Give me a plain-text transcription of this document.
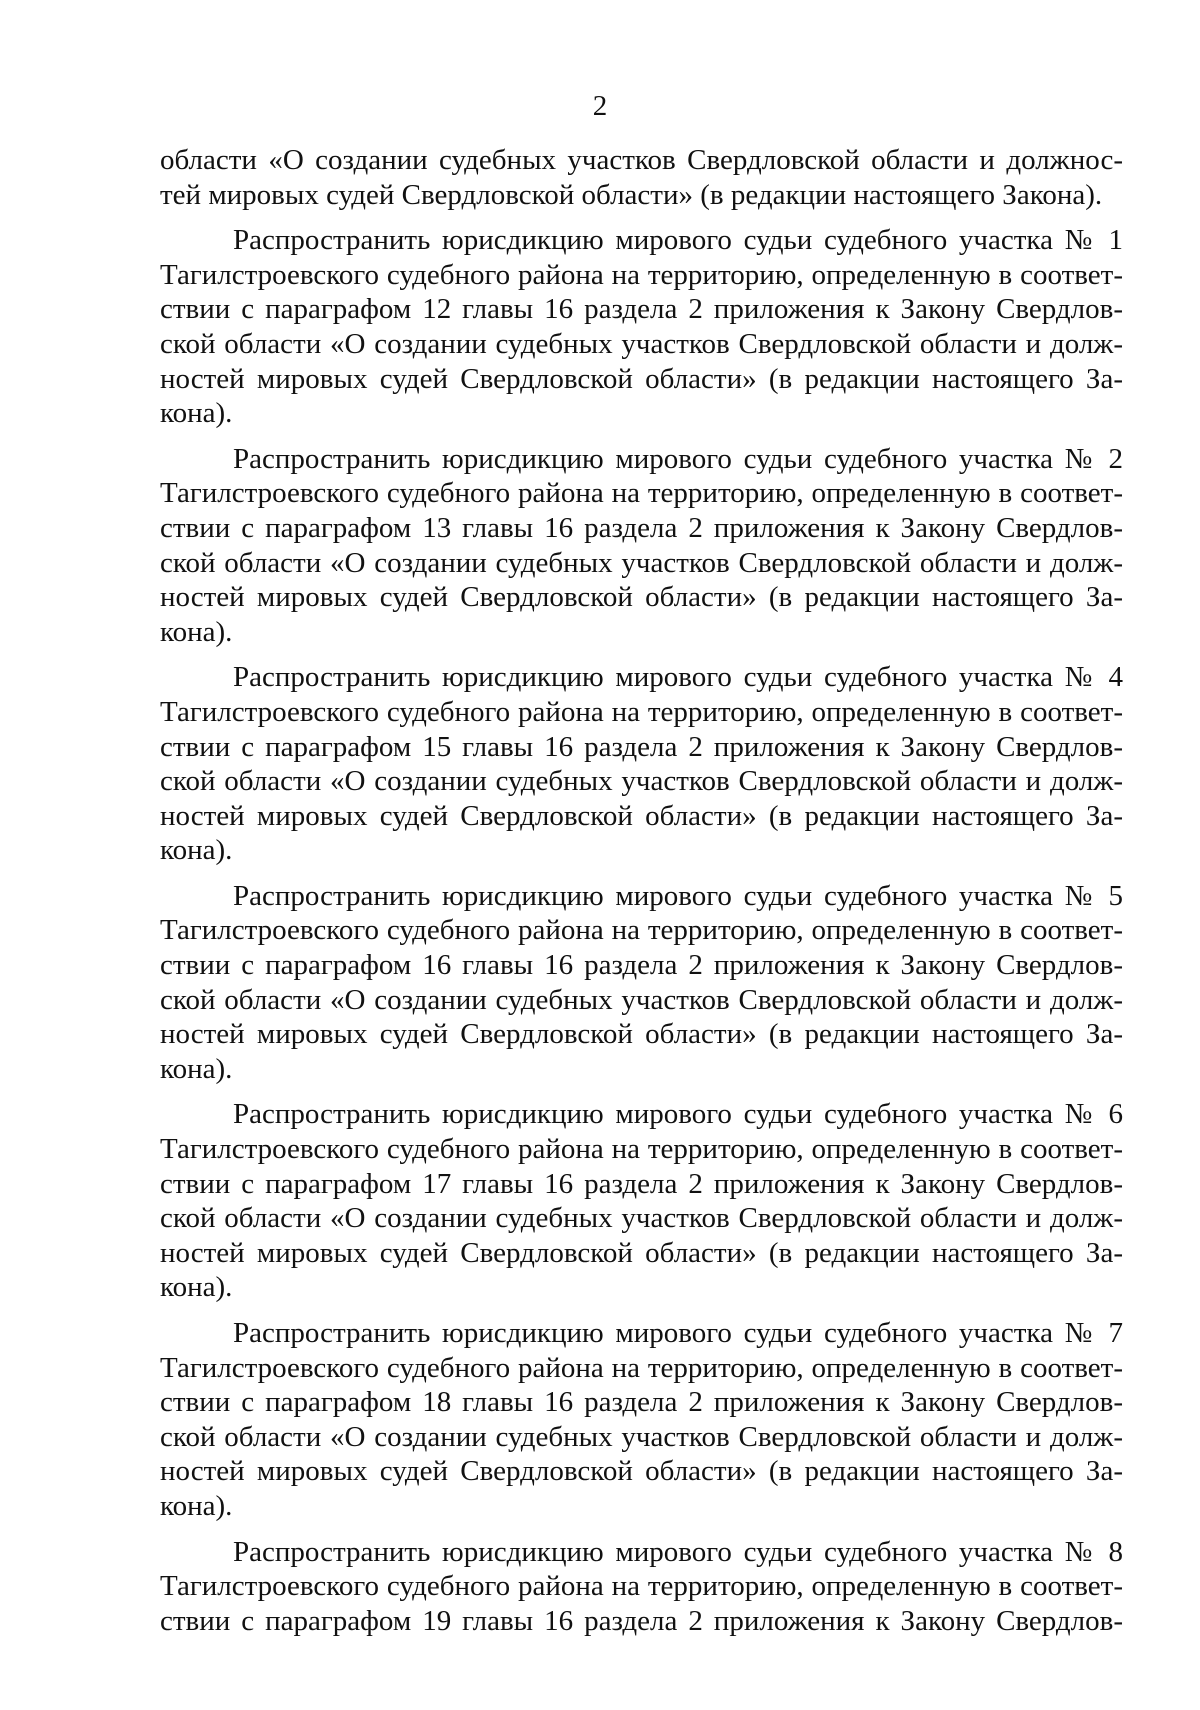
2

области «О создании судебных участков Свердловской области и должнос-
тей мировых судей Свердловской области» (в редакции настоящего Закона).

Распространить юрисдикцию мирового судьи судебного участка № 1
Тагилстроевского судебного района на территорию, определенную в соответ-
ствии с параграфом 12 главы 16 раздела 2 приложения к Закону Свердлов-
ской области «О создании судебных участков Свердловской области и долж-
ностей мировых судей Свердловской области» (в редакции настоящего За-
кона).

Распространить юрисдикцию мирового судьи судебного участка № 2
Тагилстроевского судебного района на территорию, определенную в соответ-
ствии с параграфом 13 главы 16 раздела 2 приложения к Закону Свердлов-
ской области «О создании судебных участков Свердловской области и долж-
ностей мировых судей Свердловской области» (в редакции настоящего За-
кона).

Распространить юрисдикцию мирового судьи судебного участка № 4
Тагилстроевского судебного района на территорию, определенную в соответ-
ствии с параграфом 15 главы 16 раздела 2 приложения к Закону Свердлов-
ской области «О создании судебных участков Свердловской области и долж-
ностей мировых судей Свердловской области» (в редакции настоящего За-
кона).

Распространить юрисдикцию мирового судьи судебного участка № 5
Тагилстроевского судебного района на территорию, определенную в соответ-
ствии с параграфом 16 главы 16 раздела 2 приложения к Закону Свердлов-
ской области «О создании судебных участков Свердловской области и долж-
ностей мировых судей Свердловской области» (в редакции настоящего За-
кона).

Распространить юрисдикцию мирового судьи судебного участка № 6
Тагилстроевского судебного района на территорию, определенную в соответ-
ствии с параграфом 17 главы 16 раздела 2 приложения к Закону Свердлов-
ской области «О создании судебных участков Свердловской области и долж-
ностей мировых судей Свердловской области» (в редакции настоящего За-
кона).

Распространить юрисдикцию мирового судьи судебного участка № 7
Тагилстроевского судебного района на территорию, определенную в соответ-
ствии с параграфом 18 главы 16 раздела 2 приложения к Закону Свердлов-
ской области «О создании судебных участков Свердловской области и долж-
ностей мировых судей Свердловской области» (в редакции настоящего За-
кона).

Распространить юрисдикцию мирового судьи судебного участка № 8
Тагилстроевского судебного района на территорию, определенную в соответ-
ствии с параграфом 19 главы 16 раздела 2 приложения к Закону Свердлов-
